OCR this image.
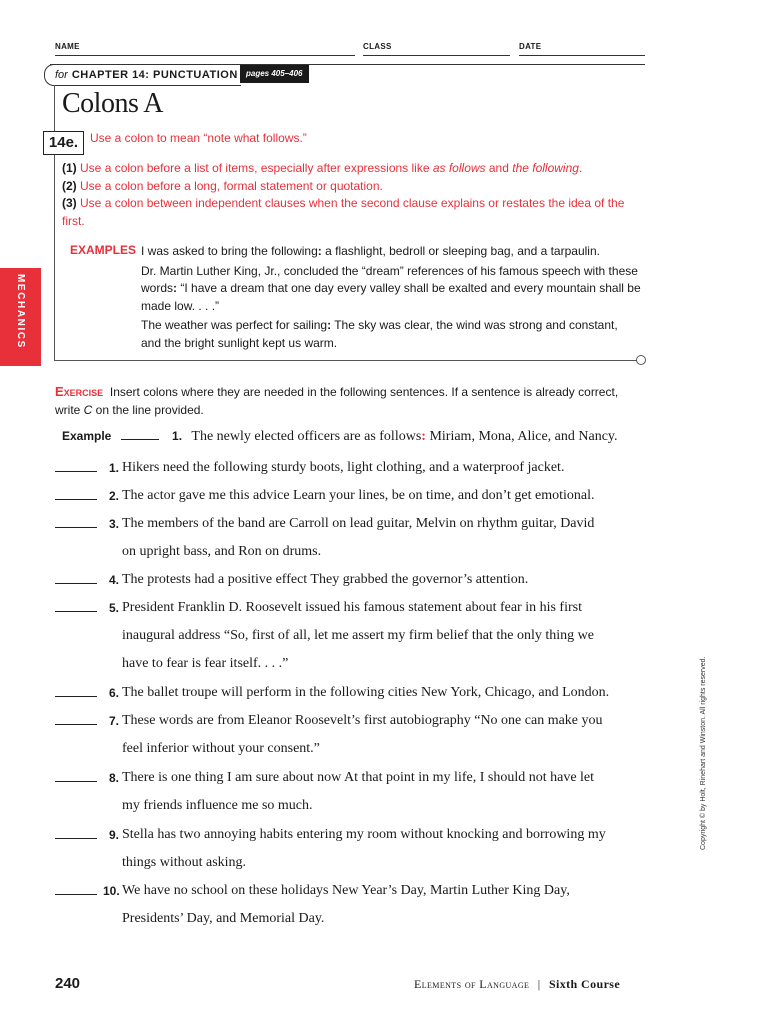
NAME	CLASS	DATE
for CHAPTER 14: PUNCTUATION	pages 405–406
Colons A
14e. Use a colon to mean “note what follows.”
(1) Use a colon before a list of items, especially after expressions like as follows and the following.
(2) Use a colon before a long, formal statement or quotation.
(3) Use a colon between independent clauses when the second clause explains or restates the idea of the first.
EXAMPLES I was asked to bring the following: a flashlight, bedroll or sleeping bag, and a tarpaulin.

Dr. Martin Luther King, Jr., concluded the “dream” references of his famous speech with these words: “I have a dream that one day every valley shall be exalted and every mountain shall be made low. . . .”

The weather was perfect for sailing: The sky was clear, the wind was strong and constant, and the bright sunlight kept us warm.

MECHANICS
Exercise Insert colons where they are needed in the following sentences. If a sentence is already correct, write C on the line provided.
Example	1. The newly elected officers are as follows: Miriam, Mona, Alice, and Nancy.
1. Hikers need the following sturdy boots, light clothing, and a waterproof jacket.
2. The actor gave me this advice Learn your lines, be on time, and don’t get emotional.
3. The members of the band are Carroll on lead guitar, Melvin on rhythm guitar, David
on upright bass, and Ron on drums.
4. The protests had a positive effect They grabbed the governor’s attention.
5. President Franklin D. Roosevelt issued his famous statement about fear in his first
inaugural address “So, first of all, let me assert my firm belief that the only thing we
have to fear is fear itself. . . .”
6. The ballet troupe will perform in the following cities New York, Chicago, and London.
7. These words are from Eleanor Roosevelt’s first autobiography “No one can make you
feel inferior without your consent.”
8. There is one thing I am sure about now At that point in my life, I should not have let
my friends influence me so much.
9. Stella has two annoying habits entering my room without knocking and borrowing my
things without asking.
10. We have no school on these holidays New Year’s Day, Martin Luther King Day,
Presidents’ Day, and Memorial Day.
Copyright © by Holt, Rinehart and Winston. All rights reserved.
240	Elements of Language | Sixth Course
